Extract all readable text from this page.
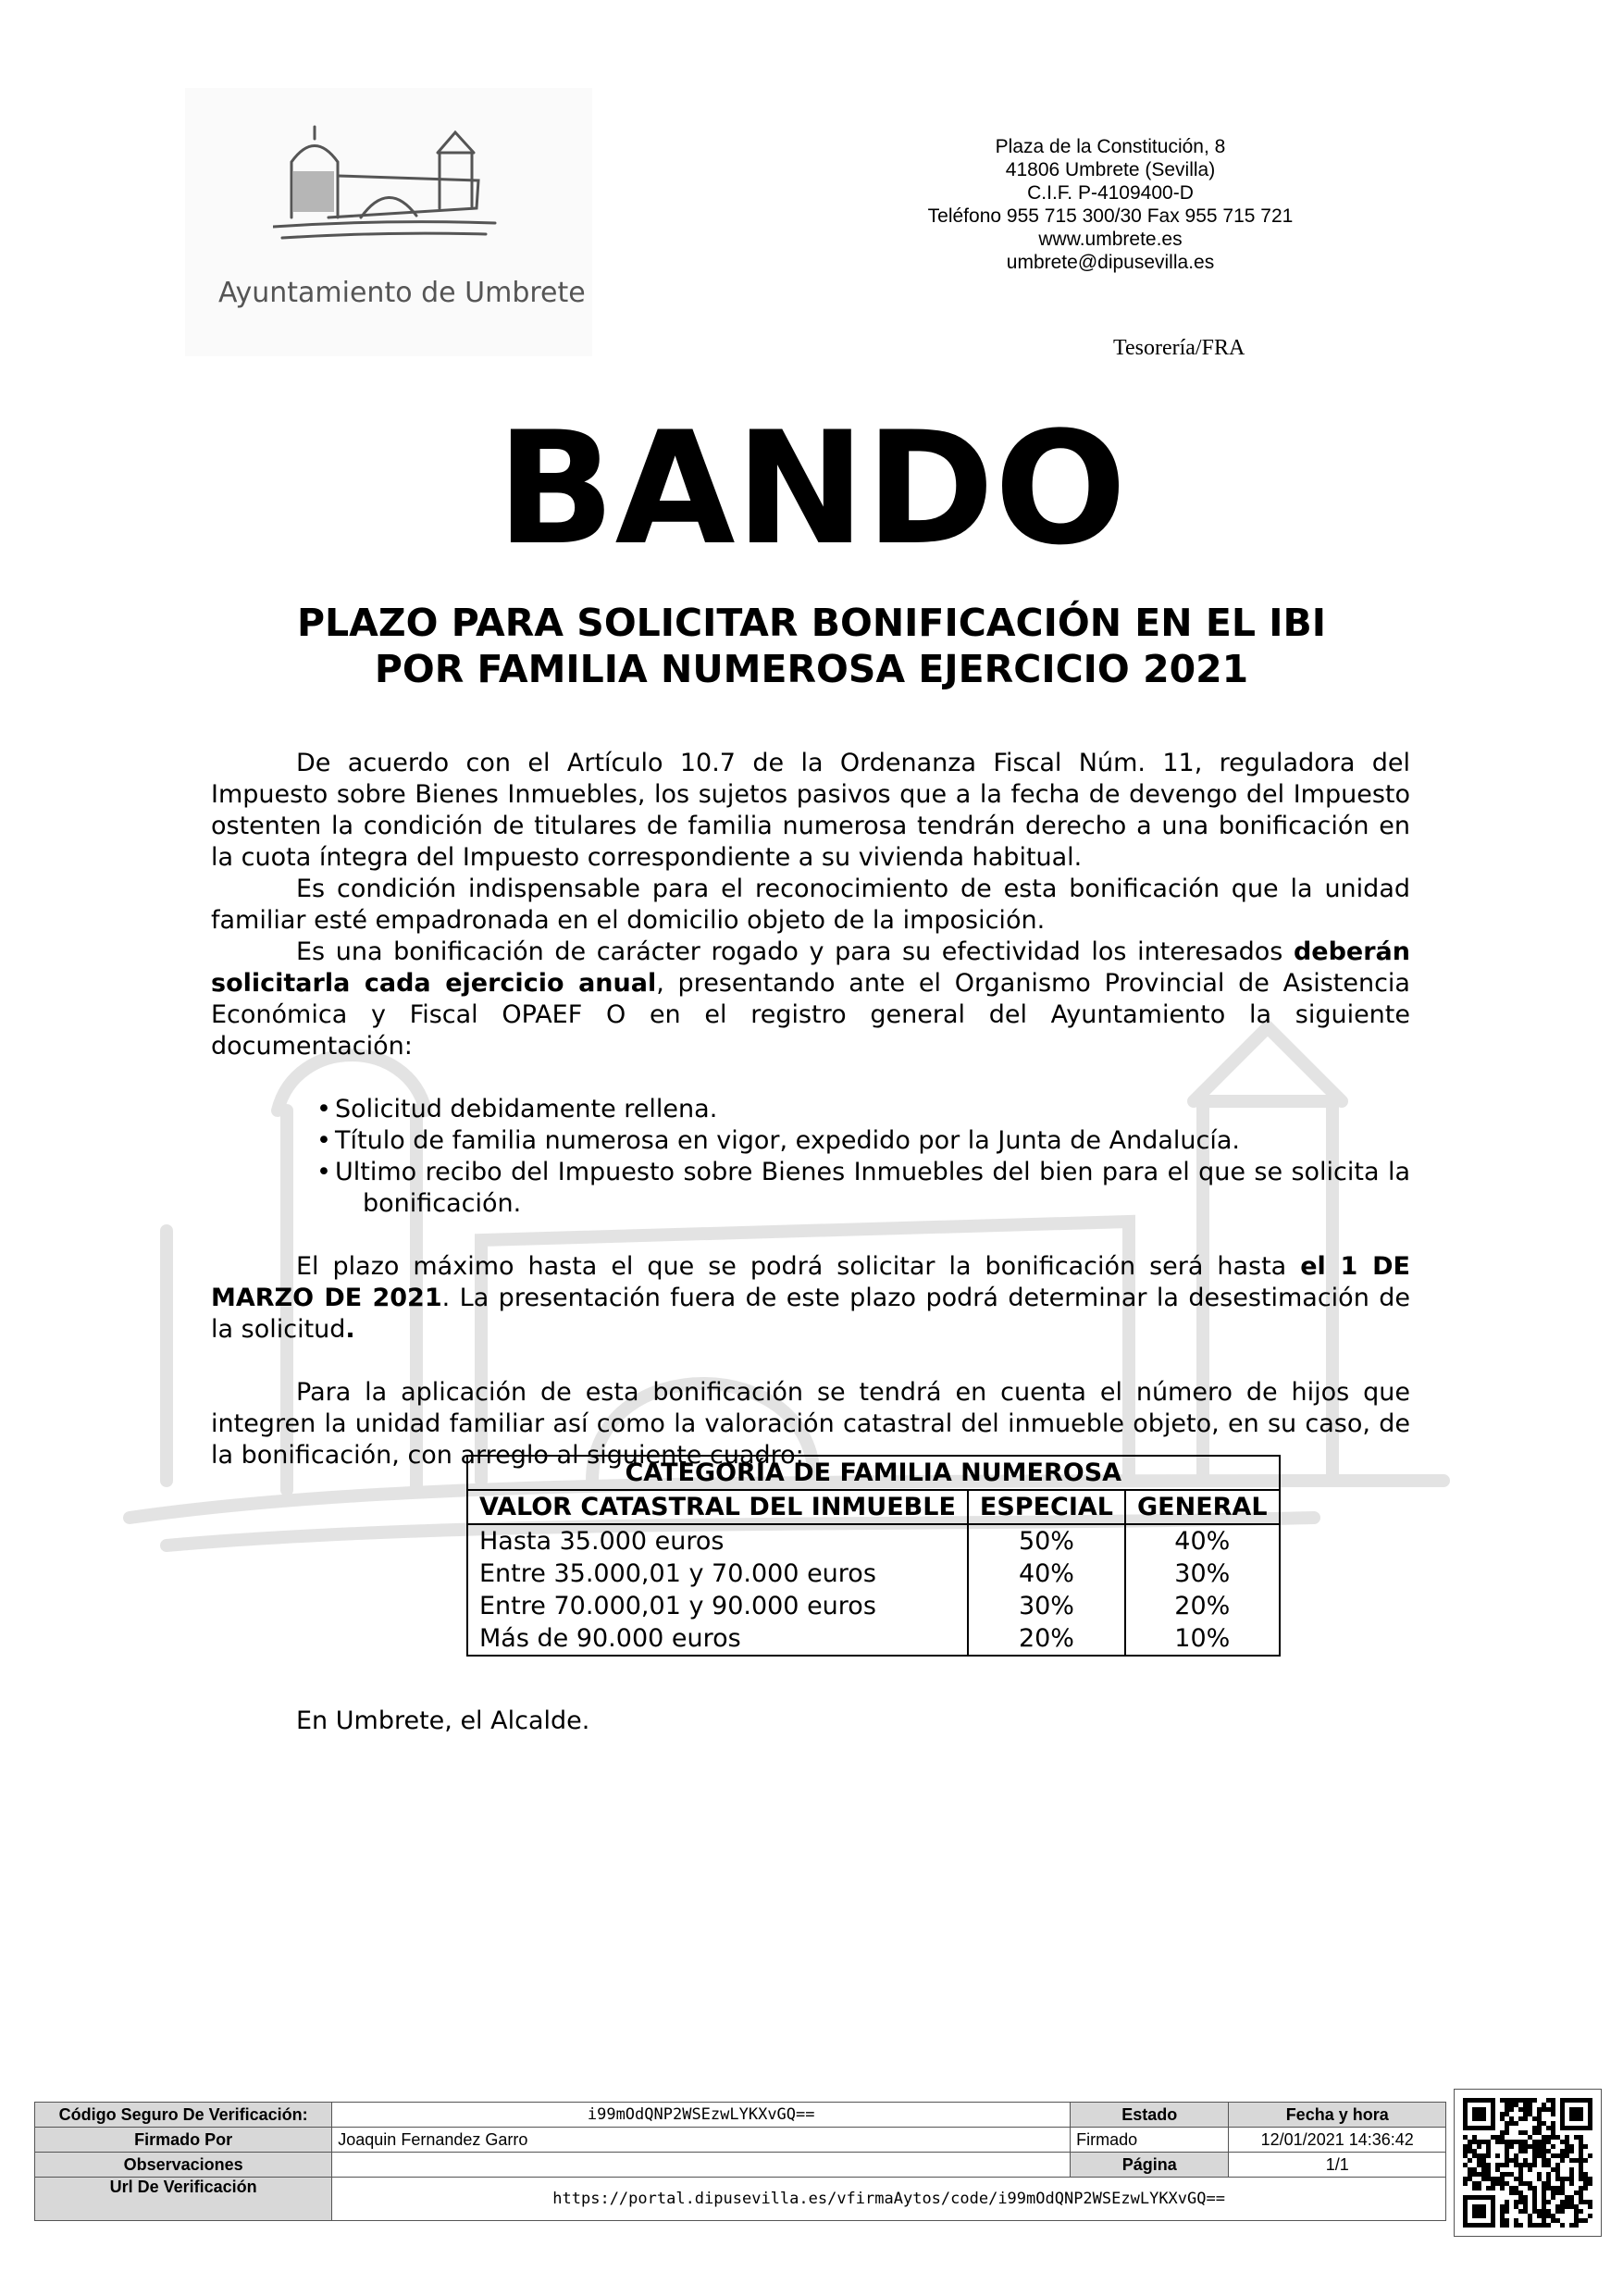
Ayuntamiento de Umbrete
Plaza de la Constitución, 8
41806 Umbrete (Sevilla)
C.I.F. P-4109400-D
Teléfono 955 715 300/30 Fax 955 715 721
www.umbrete.es
umbrete@dipusevilla.es
Tesorería/FRA
BANDO
PLAZO PARA SOLICITAR BONIFICACIÓN EN EL IBI
POR FAMILIA NUMEROSA EJERCICIO 2021

De acuerdo con el Artículo 10.7 de la Ordenanza Fiscal Núm. 11, reguladora del Impuesto sobre Bienes Inmuebles, los sujetos pasivos que a la fecha de devengo del Impuesto ostenten la condición de titulares de familia numerosa tendrán derecho a una bonificación en la cuota íntegra del Impuesto correspondiente a su vivienda habitual.

Es condición indispensable para el reconocimiento de esta bonificación que la unidad familiar esté empadronada en el domicilio objeto de la imposición.

Es una bonificación de carácter rogado y para su efectividad los interesados deberán solicitarla cada ejercicio anual, presentando ante el Organismo Provincial de Asistencia Económica y Fiscal OPAEF O en el registro general del Ayuntamiento la siguiente documentación:

• Solicitud debidamente rellena.
• Título de familia numerosa en vigor, expedido por la Junta de Andalucía.
• Ultimo recibo del Impuesto sobre Bienes Inmuebles del bien para el que se solicita la bonificación.

El plazo máximo hasta el que se podrá solicitar la bonificación será hasta el 1 DE MARZO DE 2021. La presentación fuera de este plazo podrá determinar la desestimación de la solicitud.

Para la aplicación de esta bonificación se tendrá en cuenta el número de hijos que integren la unidad familiar así como la valoración catastral del inmueble objeto, en su caso, de la bonificación, con arreglo al siguiente cuadro:

CATEGORÍA DE FAMILIA NUMEROSA		
VALOR CATASTRAL DEL INMUEBLE	ESPECIAL	GENERAL
Hasta 35.000 euros	50%	40%
Entre 35.000,01 y 70.000 euros	40%	30%
Entre 70.000,01 y 90.000 euros	30%	20%
Más de 90.000 euros	20%	10%
En Umbrete, el Alcalde.
Código Seguro De Verificación:	i99mOdQNP2WSEzwLYKXvGQ==	Estado	Fecha y hora
Firmado Por	Joaquin Fernandez Garro	Firmado	12/01/2021 14:36:42
Observaciones		Página	1/1
Url De Verificación	https://portal.dipusevilla.es/vfirmaAytos/code/i99mOdQNP2WSEzwLYKXvGQ==		
